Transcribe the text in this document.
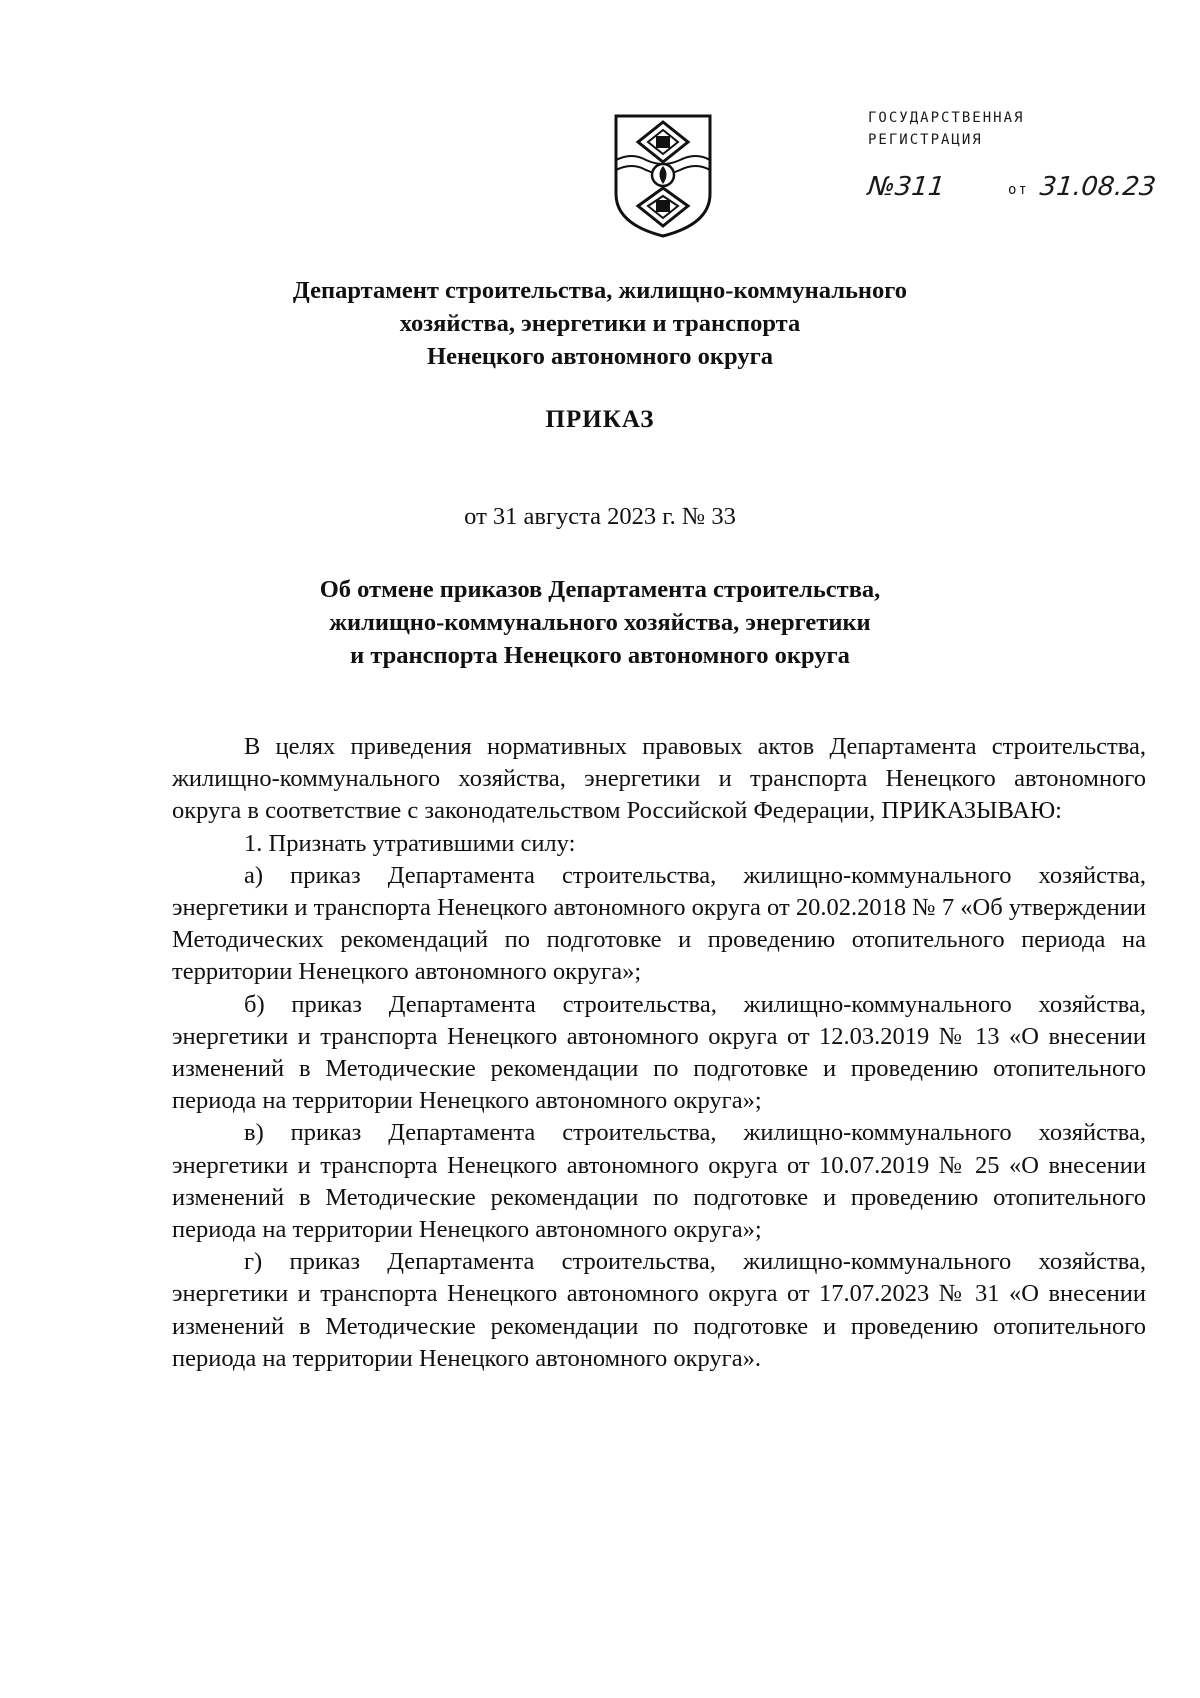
ГОСУДАРСТВЕННАЯ
РЕГИСТРАЦИЯ
№311	от 31.08.23
Департамент строительства, жилищно-коммунального
хозяйства, энергетики и транспорта
Ненецкого автономного округа
ПРИКАЗ
от 31 августа 2023 г. № 33
Об отмене приказов Департамента строительства,
жилищно-коммунального хозяйства, энергетики
и транспорта Ненецкого автономного округа

В целях приведения нормативных правовых актов Департамента строительства, жилищно-коммунального хозяйства, энергетики и транспорта Ненецкого автономного округа в соответствие с законодательством Российской Федерации, ПРИКАЗЫВАЮ:

1. Признать утратившими силу:

а) приказ Департамента строительства, жилищно-коммунального хозяйства, энергетики и транспорта Ненецкого автономного округа от 20.02.2018 № 7 «Об утверждении Методических рекомендаций по подготовке и проведению отопительного периода на территории Ненецкого автономного округа»;

б) приказ Департамента строительства, жилищно-коммунального хозяйства, энергетики и транспорта Ненецкого автономного округа от 12.03.2019 № 13 «О внесении изменений в Методические рекомендации по подготовке и проведению отопительного периода на территории Ненецкого автономного округа»;

в) приказ Департамента строительства, жилищно-коммунального хозяйства, энергетики и транспорта Ненецкого автономного округа от 10.07.2019 № 25 «О внесении изменений в Методические рекомендации по подготовке и проведению отопительного периода на территории Ненецкого автономного округа»;

г) приказ Департамента строительства, жилищно-коммунального хозяйства, энергетики и транспорта Ненецкого автономного округа от 17.07.2023 № 31 «О внесении изменений в Методические рекомендации по подготовке и проведению отопительного периода на территории Ненецкого автономного округа».
